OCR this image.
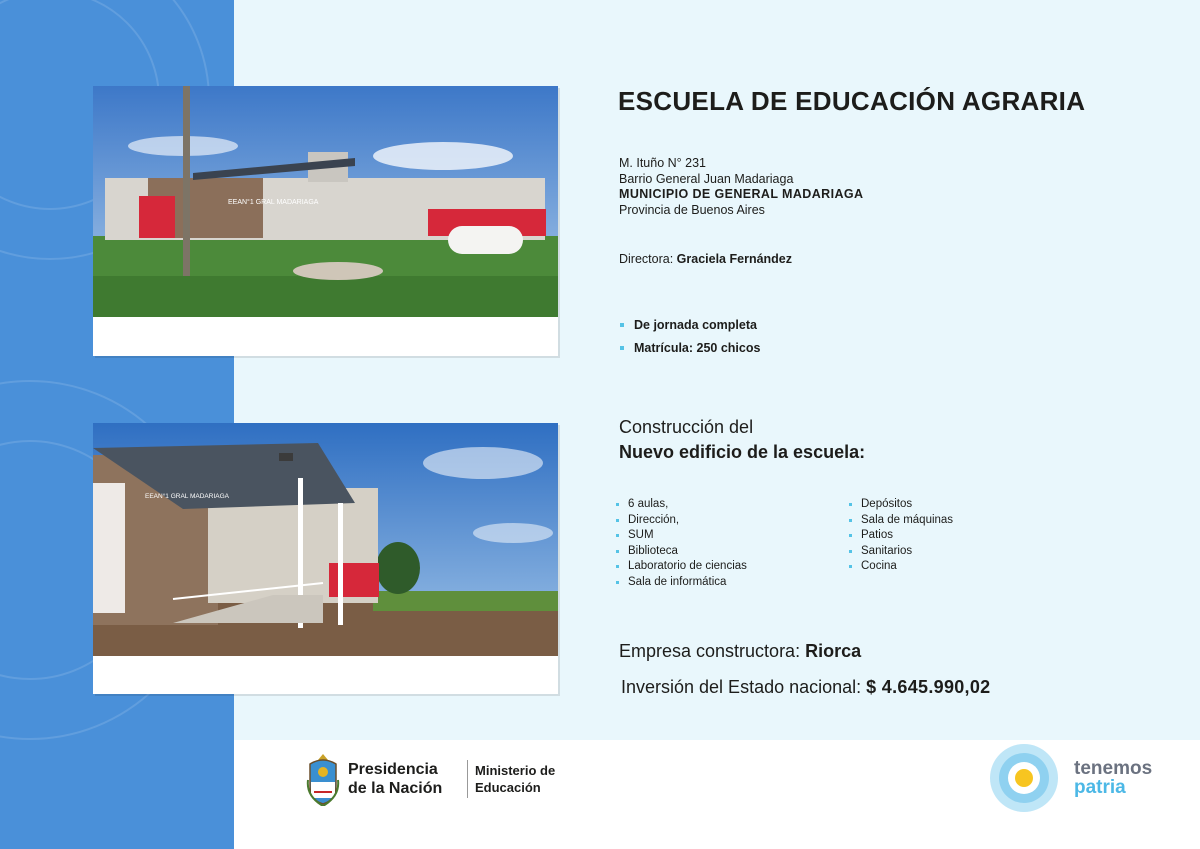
EEAN°1 GRAL MADARIAGA
EEAN°1 GRAL MADARIAGA
ESCUELA DE EDUCACIÓN AGRARIA
M. Ituño N° 231
Barrio General Juan Madariaga
MUNICIPIO DE GENERAL MADARIAGA
Provincia de Buenos Aires
Directora: Graciela Fernández
De jornada completa
Matrícula: 250 chicos
Construcción del
Nuevo edificio de la escuela:
6 aulas,
Dirección,
SUM
Biblioteca
Laboratorio de ciencias
Sala de informática
Depósitos
Sala de máquinas
Patios
Sanitarios
Cocina
Empresa constructora: Riorca
Inversión del Estado nacional: $ 4.645.990,02
Presidencia
de la Nación
Ministerio de
Educación
tenemos
patria
